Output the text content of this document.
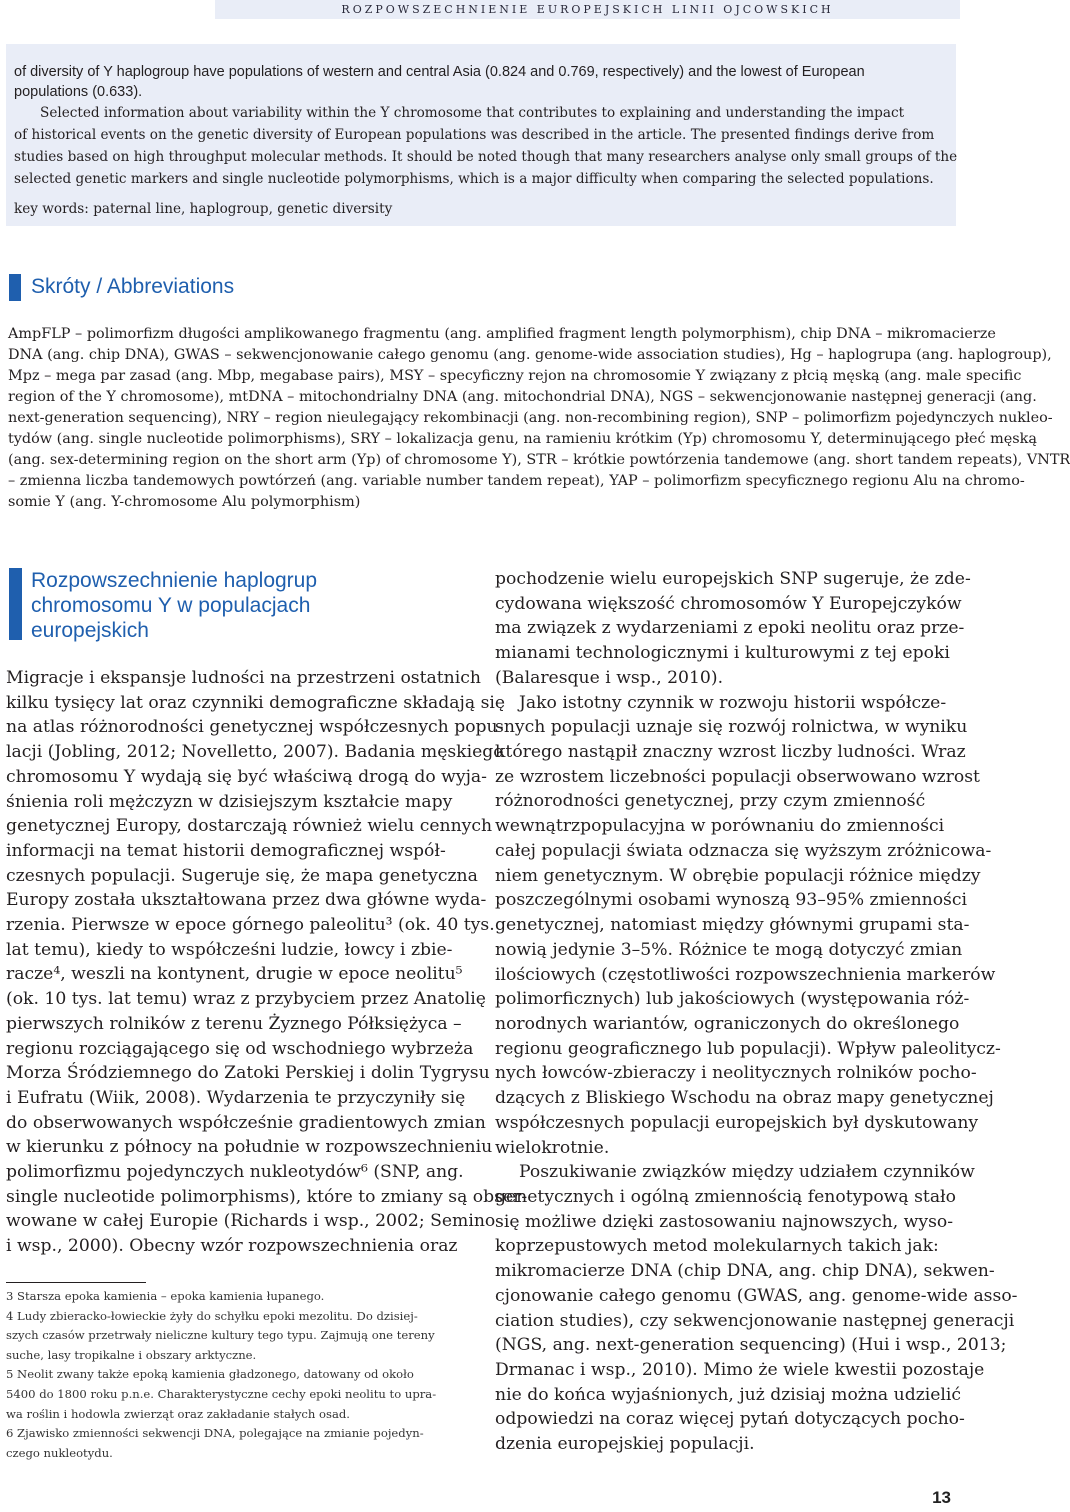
ROZPOWSZECHNIENIE EUROPEJSKICH LINII OJCOWSKICH
of diversity of Y haplogroup have populations of western and central Asia (0.824 and 0.769, respectively) and the lowest of European
populations (0.633).
Selected information about variability within the Y chromosome that contributes to explaining and understanding the impact
of historical events on the genetic diversity of European populations was described in the article. The presented findings derive from
studies based on high throughput molecular methods. It should be noted though that many researchers analyse only small groups of the
selected genetic markers and single nucleotide polymorphisms, which is a major difficulty when comparing the selected populations.
key words: paternal line, haplogroup, genetic diversity
Skróty / Abbreviations
AmpFLP – polimorfizm długości amplikowanego fragmentu (ang. amplified fragment length polymorphism), chip DNA – mikromacierze
DNA (ang. chip DNA), GWAS – sekwencjonowanie całego genomu (ang. genome-wide association studies), Hg – haplogrupa (ang. haplogroup),
Mpz – mega par zasad (ang. Mbp, megabase pairs), MSY – specyficzny rejon na chromosomie Y związany z płcią męską (ang. male specific
region of the Y chromosome), mtDNA – mitochondrialny DNA (ang. mitochondrial DNA), NGS – sekwencjonowanie następnej generacji (ang.
next-generation sequencing), NRY – region nieulegający rekombinacji (ang. non-recombining region), SNP – polimorfizm pojedynczych nukleo-
tydów (ang. single nucleotide polimorphisms), SRY – lokalizacja genu, na ramieniu krótkim (Yp) chromosomu Y, determinującego płeć męską
(ang. sex-determining region on the short arm (Yp) of chromosome Y), STR – krótkie powtórzenia tandemowe (ang. short tandem repeats), VNTR
– zmienna liczba tandemowych powtórzeń (ang. variable number tandem repeat), YAP – polimorfizm specyficznego regionu Alu na chromo-
somie Y (ang. Y-chromosome Alu polymorphism)
Rozpowszechnienie haplogrup
chromosomu Y w populacjach
europejskich
Migracje i ekspansje ludności na przestrzeni ostatnich
kilku tysięcy lat oraz czynniki demograficzne składają się
na atlas różnorodności genetycznej współczesnych popu-
lacji (Jobling, 2012; Novelletto, 2007). Badania męskiego
chromosomu Y wydają się być właściwą drogą do wyja-
śnienia roli mężczyzn w dzisiejszym kształcie mapy
genetycznej Europy, dostarczają również wielu cennych
informacji na temat historii demograficznej współ-
czesnych populacji. Sugeruje się, że mapa genetyczna
Europy została ukształtowana przez dwa główne wyda-
rzenia. Pierwsze w epoce górnego paleolitu³ (ok. 40 tys.
lat temu), kiedy to współcześni ludzie, łowcy i zbie-
racze⁴, weszli na kontynent, drugie w epoce neolitu⁵
(ok. 10 tys. lat temu) wraz z przybyciem przez Anatolię
pierwszych rolników z terenu Żyznego Półksiężyca –
regionu rozciągającego się od wschodniego wybrzeża
Morza Śródziemnego do Zatoki Perskiej i dolin Tygrysu
i Eufratu (Wiik, 2008). Wydarzenia te przyczyniły się
do obserwowanych współcześnie gradientowych zmian
w kierunku z północy na południe w rozpowszechnieniu
polimorfizmu pojedynczych nukleotydów⁶ (SNP, ang.
single nucleotide polimorphisms), które to zmiany są obser-
wowane w całej Europie (Richards i wsp., 2002; Semino
i wsp., 2000). Obecny wzór rozpowszechnienia oraz
3 Starsza epoka kamienia – epoka kamienia łupanego.
4 Ludy zbieracko-łowieckie żyły do schyłku epoki mezolitu. Do dzisiej-
szych czasów przetrwały nieliczne kultury tego typu. Zajmują one tereny
suche, lasy tropikalne i obszary arktyczne.
5 Neolit zwany także epoką kamienia gładzonego, datowany od około
5400 do 1800 roku p.n.e. Charakterystyczne cechy epoki neolitu to upra-
wa roślin i hodowla zwierząt oraz zakładanie stałych osad.
6 Zjawisko zmienności sekwencji DNA, polegające na zmianie pojedyn-
czego nukleotydu.
pochodzenie wielu europejskich SNP sugeruje, że zde-
cydowana większość chromosomów Y Europejczyków
ma związek z wydarzeniami z epoki neolitu oraz prze-
mianami technologicznymi i kulturowymi z tej epoki
(Balaresque i wsp., 2010).
Jako istotny czynnik w rozwoju historii współcze-
snych populacji uznaje się rozwój rolnictwa, w wyniku
którego nastąpił znaczny wzrost liczby ludności. Wraz
ze wzrostem liczebności populacji obserwowano wzrost
różnorodności genetycznej, przy czym zmienność
wewnątrzpopulacyjna w porównaniu do zmienności
całej populacji świata odznacza się wyższym zróżnicowa-
niem genetycznym. W obrębie populacji różnice między
poszczególnymi osobami wynoszą 93–95% zmienności
genetycznej, natomiast między głównymi grupami sta-
nowią jedynie 3–5%. Różnice te mogą dotyczyć zmian
ilościowych (częstotliwości rozpowszechnienia markerów
polimorficznych) lub jakościowych (występowania róż-
norodnych wariantów, ograniczonych do określonego
regionu geograficznego lub populacji). Wpływ paleolitycz-
nych łowców-zbieraczy i neolitycznych rolników pocho-
dzących z Bliskiego Wschodu na obraz mapy genetycznej
współczesnych populacji europejskich był dyskutowany
wielokrotnie.
Poszukiwanie związków między udziałem czynników
genetycznych i ogólną zmiennością fenotypową stało
się możliwe dzięki zastosowaniu najnowszych, wyso-
koprzepustowych metod molekularnych takich jak:
mikromacierze DNA (chip DNA, ang. chip DNA), sekwen-
cjonowanie całego genomu (GWAS, ang. genome-wide asso-
ciation studies), czy sekwencjonowanie następnej generacji
(NGS, ang. next-generation sequencing) (Hui i wsp., 2013;
Drmanac i wsp., 2010). Mimo że wiele kwestii pozostaje
nie do końca wyjaśnionych, już dzisiaj można udzielić
odpowiedzi na coraz więcej pytań dotyczących pocho-
dzenia europejskiej populacji.
13
